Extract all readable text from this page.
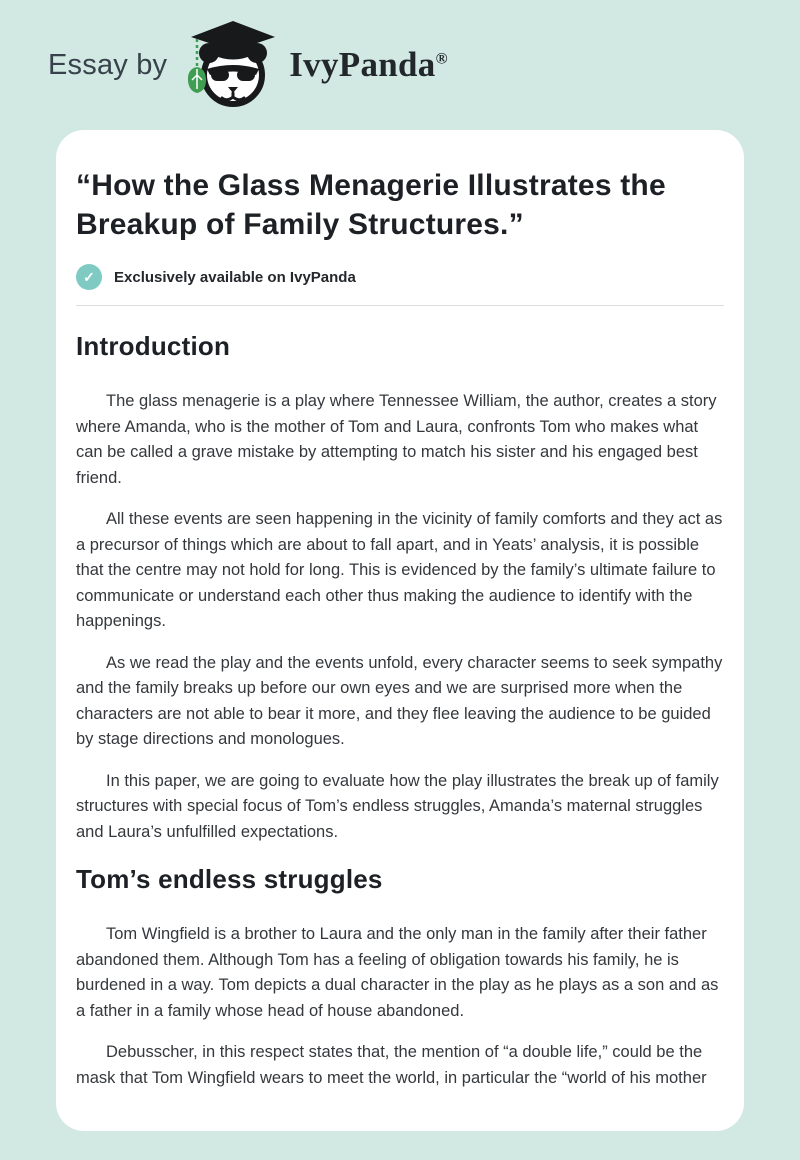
Essay by	IvyPanda®
“How the Glass Menagerie Illustrates the Breakup of Family Structures.”
✓	Exclusively available on IvyPanda
Introduction

The glass menagerie is a play where Tennessee William, the author, creates a story where Amanda, who is the mother of Tom and Laura, confronts Tom who makes what can be called a grave mistake by attempting to match his sister and his engaged best friend.

All these events are seen happening in the vicinity of family comforts and they act as a precursor of things which are about to fall apart, and in Yeats’ analysis, it is possible that the centre may not hold for long. This is evidenced by the family’s ultimate failure to communicate or understand each other thus making the audience to identify with the happenings.

As we read the play and the events unfold, every character seems to seek sympathy and the family breaks up before our own eyes and we are surprised more when the characters are not able to bear it more, and they flee leaving the audience to be guided by stage directions and monologues.

In this paper, we are going to evaluate how the play illustrates the break up of family structures with special focus of Tom’s endless struggles, Amanda’s maternal struggles and Laura’s unfulfilled expectations.

Tom’s endless struggles

Tom Wingfield is a brother to Laura and the only man in the family after their father abandoned them. Although Tom has a feeling of obligation towards his family, he is burdened in a way. Tom depicts a dual character in the play as he plays as a son and as a father in a family whose head of house abandoned.

Debusscher, in this respect states that, the mention of “a double life,” could be the mask that Tom Wingfield wears to meet the world, in particular the “world of his mother
